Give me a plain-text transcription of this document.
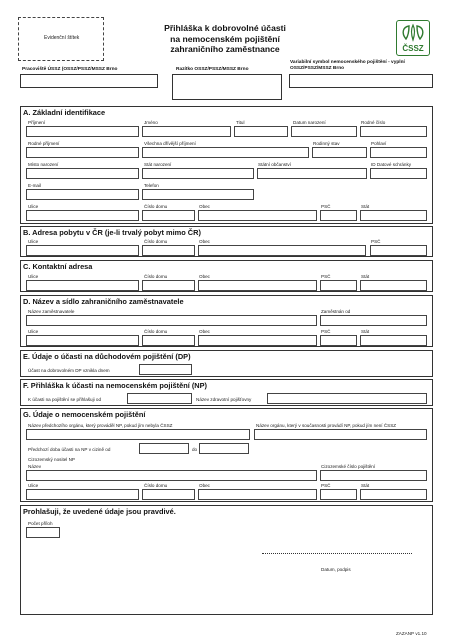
Evidenční štítek
Přihláška k dobrovolné účasti
na nemocenském pojištění
zahraničního zaměstnance	ČSSZ
Pracoviště ÚSSZ (OSSZ/PSSZ/MSSZ Brno	Razítko OSSZ/PSSZ/MSSZ Brno
Variabilní symbol nemocenského pojištění - vyplní OSSZ/PSSZ/MSSZ Brno
A. Základní identifikace
Příjmení	Jméno	Titul	Datum narození	Rodné číslo
Rodné příjmení	Všechna dřívější příjmení	Rodinný stav	Pohlaví
Místo narození	Stát narození	Státní občanství	ID Datové schránky
E-mail	Telefon
Ulice	Číslo domu	Obec	PSČ	Stát
B. Adresa pobytu v ČR (je-li trvalý pobyt mimo ČR)
Ulice	Číslo domu	Obec	PSČ
C. Kontaktní adresa
Ulice	Číslo domu	Obec	PSČ	Stát
D. Název a sídlo zahraničního zaměstnavatele
Název zaměstnavatele	Zaměstnán od
Ulice	Číslo domu	Obec	PSČ	Stát
E. Údaje o účasti na důchodovém pojištění (DP)
Účast na dobrovolném DP vznikla dnem
F. Přihláška k účasti na nemocenském pojištění (NP)
K účasti na pojištění se přihlašuji od	Název zdravotní pojišťovny
G. Údaje o nemocenském pojištění
Název předchozího orgánu, který prováděl NP, pokud jím nebyla ČSSZ	Název orgánu, který v současnosti provádí NP, pokud jím není ČSSZ
Předchozí doba účasti na NP v cizině od	do
Cizozemský nositel NP
Název	Cizozemské číslo pojištění
Ulice	Číslo domu	Obec	PSČ	Stát
Prohlašuji, že uvedené údaje jsou pravdivé.
Počet příloh
Datum, podpis
ZAZANP v1.10
